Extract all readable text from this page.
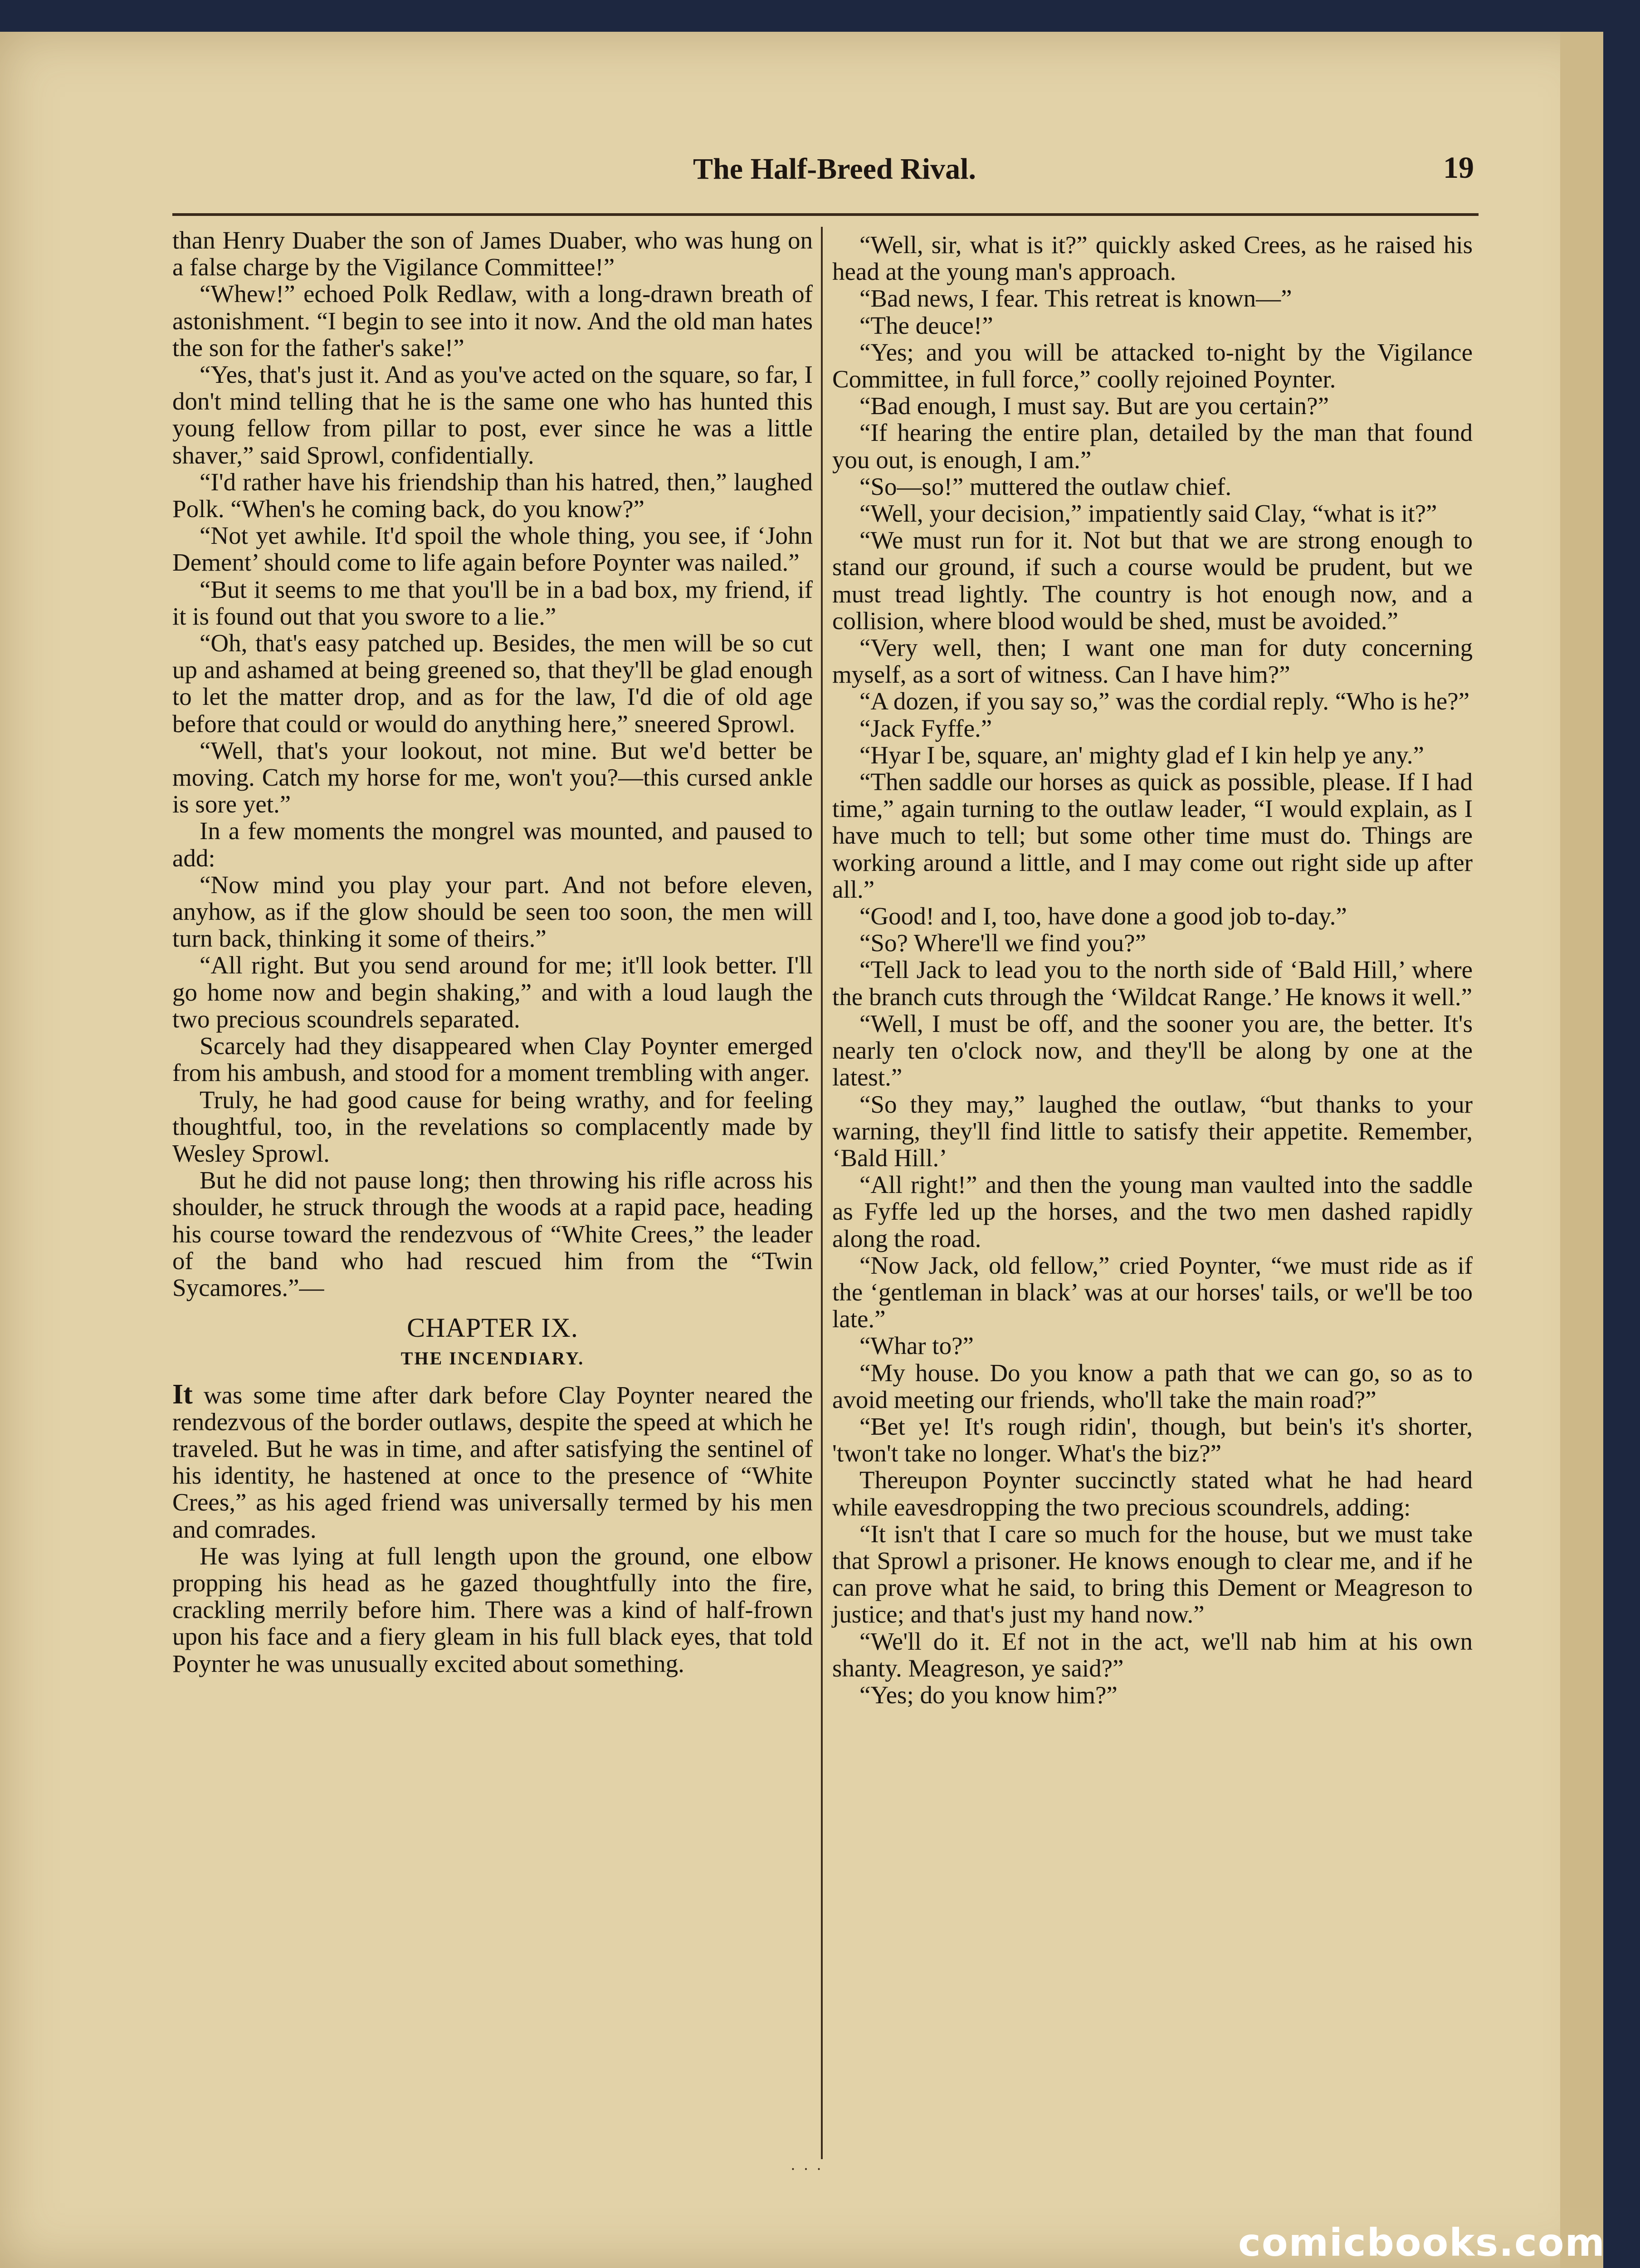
The Half-Breed Rival.	19

than Henry Duaber the son of James Duaber, who was hung on a false charge by the Vigilance Committee!”

“Whew!” echoed Polk Redlaw, with a long-drawn breath of astonishment. “I begin to see into it now. And the old man hates the son for the father's sake!”

“Yes, that's just it. And as you've acted on the square, so far, I don't mind telling that he is the same one who has hunted this young fellow from pillar to post, ever since he was a little shaver,” said Sprowl, confidentially.

“I'd rather have his friendship than his hatred, then,” laughed Polk. “When's he coming back, do you know?”

“Not yet awhile. It'd spoil the whole thing, you see, if ‘John Dement’ should come to life again before Poynter was nailed.”

“But it seems to me that you'll be in a bad box, my friend, if it is found out that you swore to a lie.”

“Oh, that's easy patched up. Besides, the men will be so cut up and ashamed at being greened so, that they'll be glad enough to let the matter drop, and as for the law, I'd die of old age before that could or would do anything here,” sneered Sprowl.

“Well, that's your lookout, not mine. But we'd better be moving. Catch my horse for me, won't you?—this cursed ankle is sore yet.”

In a few moments the mongrel was mounted, and paused to add:

“Now mind you play your part. And not before eleven, anyhow, as if the glow should be seen too soon, the men will turn back, thinking it some of theirs.”

“All right. But you send around for me; it'll look better. I'll go home now and begin shaking,” and with a loud laugh the two precious scoundrels separated.

Scarcely had they disappeared when Clay Poynter emerged from his ambush, and stood for a moment trembling with anger.

Truly, he had good cause for being wrathy, and for feeling thoughtful, too, in the revelations so complacently made by Wesley Sprowl.

But he did not pause long; then throwing his rifle across his shoulder, he struck through the woods at a rapid pace, heading his course toward the rendezvous of “White Crees,” the leader of the band who had rescued him from the “Twin Sycamores.”—

CHAPTER IX.
THE INCENDIARY.

It was some time after dark before Clay Poynter neared the rendezvous of the border outlaws, despite the speed at which he traveled. But he was in time, and after satisfying the sentinel of his identity, he hastened at once to the presence of “White Crees,” as his aged friend was universally termed by his men and comrades.

He was lying at full length upon the ground, one elbow propping his head as he gazed thoughtfully into the fire, crackling merrily before him. There was a kind of half-frown upon his face and a fiery gleam in his full black eyes, that told Poynter he was unusually excited about something.

“Well, sir, what is it?” quickly asked Crees, as he raised his head at the young man's approach.

“Bad news, I fear. This retreat is known—”

“The deuce!”

“Yes; and you will be attacked to-night by the Vigilance Committee, in full force,” coolly rejoined Poynter.

“Bad enough, I must say. But are you certain?”

“If hearing the entire plan, detailed by the man that found you out, is enough, I am.”

“So—so!” muttered the outlaw chief.

“Well, your decision,” impatiently said Clay, “what is it?”

“We must run for it. Not but that we are strong enough to stand our ground, if such a course would be prudent, but we must tread lightly. The country is hot enough now, and a collision, where blood would be shed, must be avoided.”

“Very well, then; I want one man for duty concerning myself, as a sort of witness. Can I have him?”

“A dozen, if you say so,” was the cordial reply. “Who is he?”

“Jack Fyffe.”

“Hyar I be, square, an' mighty glad ef I kin help ye any.”

“Then saddle our horses as quick as possible, please. If I had time,” again turning to the outlaw leader, “I would explain, as I have much to tell; but some other time must do. Things are working around a little, and I may come out right side up after all.”

“Good! and I, too, have done a good job to-day.”

“So? Where'll we find you?”

“Tell Jack to lead you to the north side of ‘Bald Hill,’ where the branch cuts through the ‘Wildcat Range.’ He knows it well.”

“Well, I must be off, and the sooner you are, the better. It's nearly ten o'clock now, and they'll be along by one at the latest.”

“So they may,” laughed the outlaw, “but thanks to your warning, they'll find little to satisfy their appetite. Remember, ‘Bald Hill.’

“All right!” and then the young man vaulted into the saddle as Fyffe led up the horses, and the two men dashed rapidly along the road.

“Now Jack, old fellow,” cried Poynter, “we must ride as if the ‘gentleman in black’ was at our horses' tails, or we'll be too late.”

“Whar to?”

“My house. Do you know a path that we can go, so as to avoid meeting our friends, who'll take the main road?”

“Bet ye! It's rough ridin', though, but bein's it's shorter, 'twon't take no longer. What's the biz?”

Thereupon Poynter succinctly stated what he had heard while eavesdropping the two precious scoundrels, adding:

“It isn't that I care so much for the house, but we must take that Sprowl a prisoner. He knows enough to clear me, and if he can prove what he said, to bring this Dement or Meagreson to justice; and that's just my hand now.”

“We'll do it. Ef not in the act, we'll nab him at his own shanty. Meagreson, ye said?”

“Yes; do you know him?”

⸱ ⸱ ⸱
comicbooks.com
